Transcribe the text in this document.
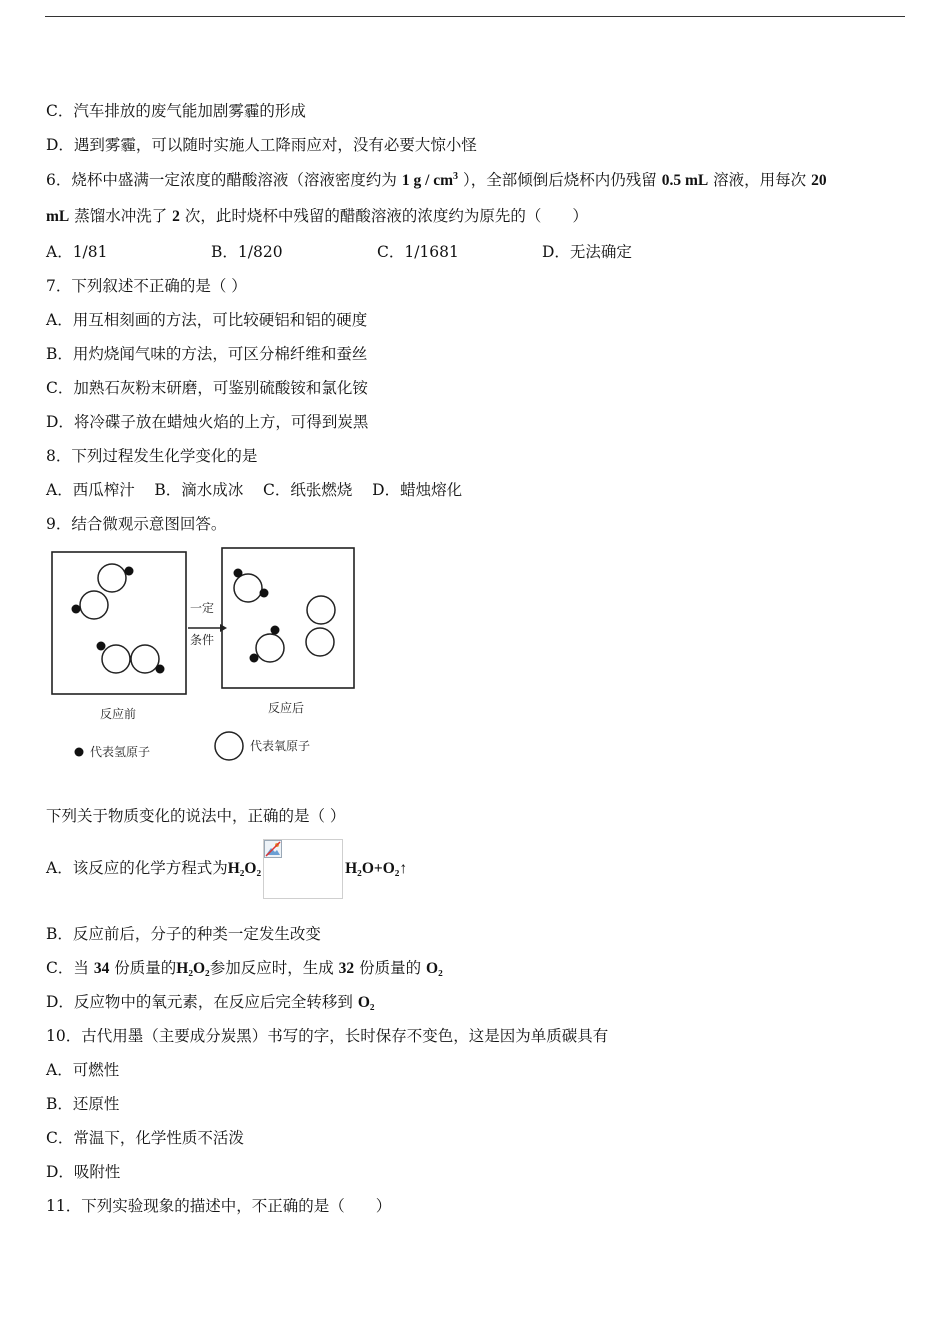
C．汽车排放的废气能加剧雾霾的形成
D．遇到雾霾，可以随时实施人工降雨应对，没有必要大惊小怪
6．烧杯中盛满一定浓度的醋酸溶液（溶液密度约为 1 g / $cm^3$ ），全部倾倒后烧杯内仍残留 0.5 mL 溶液，用每次 20
mL 蒸馏水冲洗了 2 次，此时烧杯中残留的醋酸溶液的浓度约为原先的（　　）
A．1/81	B．1/820	C．1/1681	D．无法确定
7．下列叙述不正确的是（ ）
A．用互相刻画的方法，可比较硬铝和铝的硬度
B．用灼烧闻气味的方法，可区分棉纤维和蚕丝
C．加熟石灰粉末研磨，可鉴别硫酸铵和氯化铵
D．将冷碟子放在蜡烛火焰的上方，可得到炭黑
8．下列过程发生化学变化的是
A．西瓜榨汁 B．滴水成冰 C．纸张燃烧 D．蜡烛熔化
9．结合微观示意图回答。
一定
条件
反应前	反应后
代表氢原子	代表氧原子
下列关于物质变化的说法中，正确的是（ ）
A．该反应的化学方程式为H₂O₂	H₂O+O₂↑
B．反应前后，分子的种类一定发生改变
C．当 34 份质量的H₂O₂参加反应时，生成 32 份质量的 O₂
D．反应物中的氧元素，在反应后完全转移到 O₂
10．古代用墨（主要成分炭黑）书写的字，长时保存不变色，这是因为单质碳具有
A．可燃性
B．还原性
C．常温下，化学性质不活泼
D．吸附性
11．下列实验现象的描述中，不正确的是（　　）
